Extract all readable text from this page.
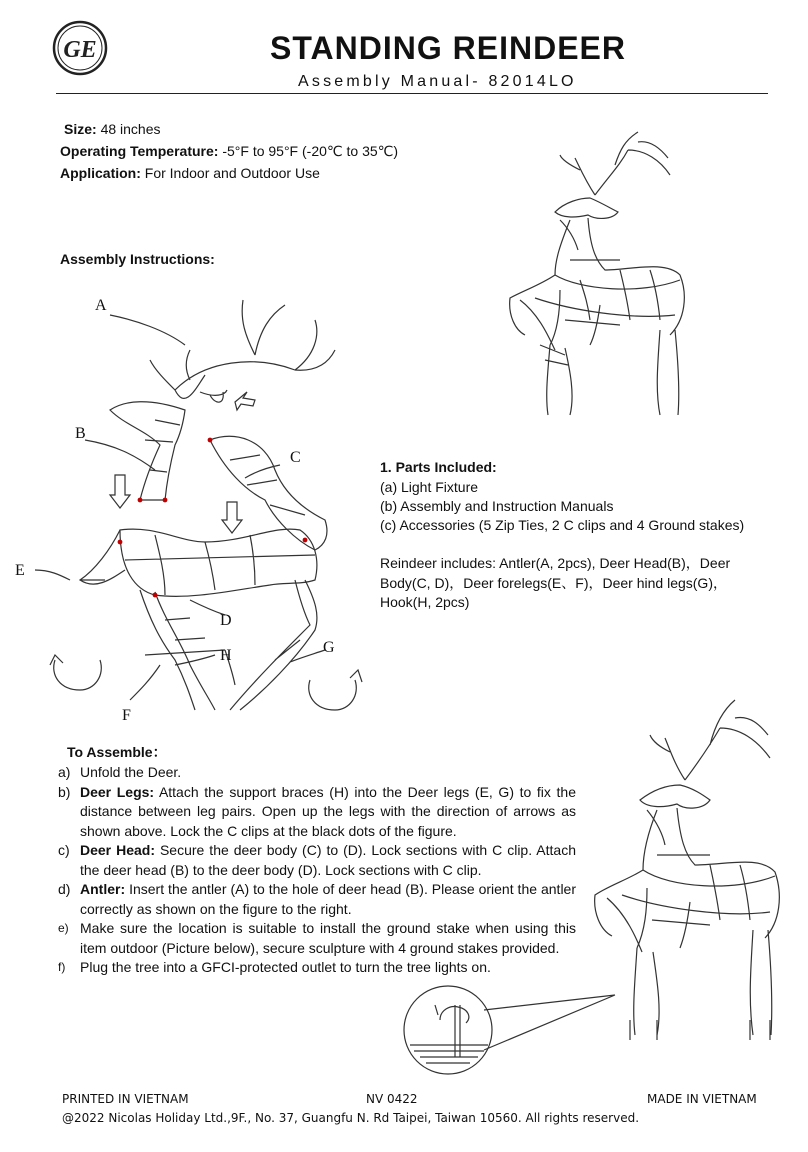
GE	STANDING REINDEER
Assembly Manual- 82014LO
Size: 48 inches
Operating Temperature: -5°F to 95°F (-20℃ to 35℃)
Application: For Indoor and Outdoor Use
Assembly Instructions:
A
B
C
D
E
F
G
H
1. Parts Included:
(a) Light Fixture
(b) Assembly and Instruction Manuals
(c) Accessories (5 Zip Ties, 2 C clips and 4 Ground stakes)
Reindeer includes: Antler(A, 2pcs), Deer Head(B)，Deer Body(C, D)，Deer forelegs(E、F)，Deer hind legs(G)，Hook(H, 2pcs)
To Assemble：
a) Unfold the Deer.
b) Deer Legs: Attach the support braces (H) into the Deer legs (E, G) to fix the distance between leg pairs. Open up the legs with the direction of arrows as shown above. Lock the C clips at the black dots of the figure.
c) Deer Head: Secure the deer body (C) to (D). Lock sections with C clip. Attach the deer head (B) to the deer body (D). Lock sections with C clip.
d) Antler: Insert the antler (A) to the hole of deer head (B). Please orient the antler correctly as shown on the figure to the right.
e) Make sure the location is suitable to install the ground stake when using this item outdoor (Picture below), secure sculpture with 4 ground stakes provided.
f)	Plug the tree into a GFCI-protected outlet to turn the tree lights on.
PRINTED IN VIETNAM	NV 0422	MADE IN VIETNAM
@2022 Nicolas Holiday Ltd.,9F., No. 37, Guangfu N. Rd Taipei, Taiwan 10560. All rights reserved.
